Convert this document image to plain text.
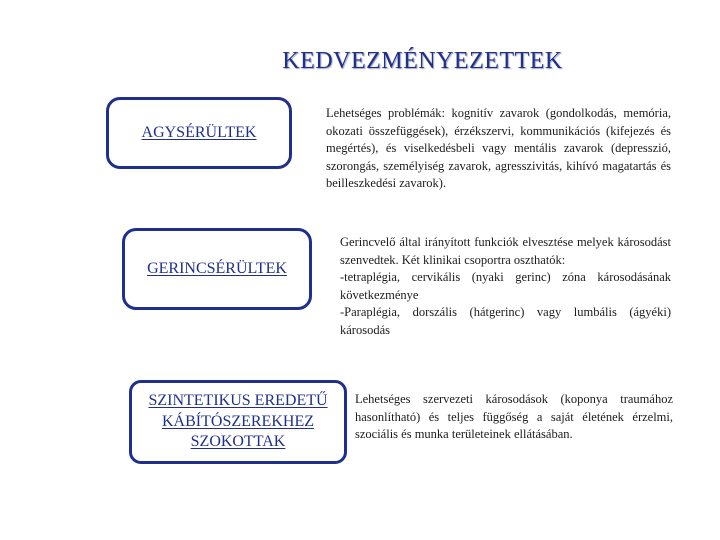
KEDVEZMÉNYEZETTEK
AGYSÉRÜLTEK
Lehetséges problémák: kognitív zavarok (gondolkodás, memória, okozati összefüggések), érzékszervi, kommunikációs (kifejezés és megértés), és viselkedésbeli vagy mentális zavarok (depresszió, szorongás, személyiség zavarok, agresszivitás, kihívó magatartás és beilleszkedési zavarok).
GERINCSÉRÜLTEK
Gerincvelő által irányított funkciók elvesztése melyek károsodást szenvedtek. Két klinikai csoportra oszthatók:
-tetraplégia, cervikális (nyaki gerinc) zóna károsodásának következménye
-Paraplégia, dorszális (hátgerinc) vagy lumbális (ágyéki) károsodás
SZINTETIKUS EREDETŰ
KÁBÍTÓSZEREKHEZ
SZOKOTTAK
Lehetséges szervezeti károsodások (koponya traumához hasonlítható) és teljes függőség a saját életének érzelmi, szociális és munka területeinek ellátásában.
